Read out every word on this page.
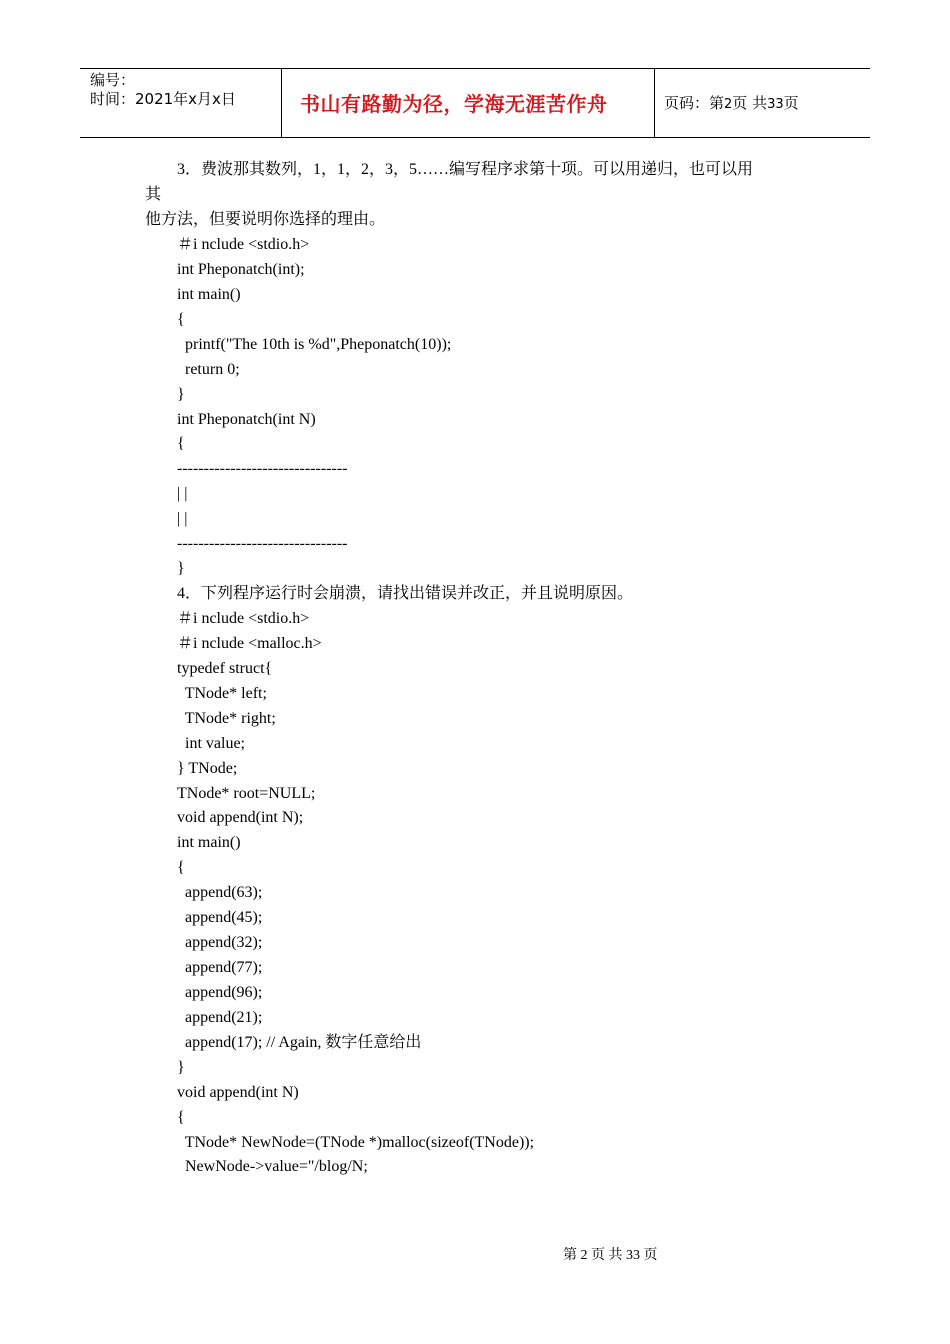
编号：
时间：2021年x月x日	书山有路勤为径，学海无涯苦作舟	页码：第2页 共33页
3．费波那其数列，1，1，2，3，5……编写程序求第十项。可以用递归，也可以用
其
他方法，但要说明你选择的理由。
＃i nclude <stdio.h>
int Pheponatch(int);
int main()
{
printf("The 10th is %d",Pheponatch(10));
return 0;
}
int Pheponatch(int N)
{
--------------------------------
| |
| |
--------------------------------
}
4．下列程序运行时会崩溃，请找出错误并改正，并且说明原因。
＃i nclude <stdio.h>
＃i nclude <malloc.h>
typedef struct{
TNode* left;
TNode* right;
int value;
} TNode;
TNode* root=NULL;
void append(int N);
int main()
{
append(63);
append(45);
append(32);
append(77);
append(96);
append(21);
append(17); // Again, 数字任意给出
}
void append(int N)
{
TNode* NewNode=(TNode *)malloc(sizeof(TNode));
NewNode->value="/blog/N;
第 2 页 共 33 页
